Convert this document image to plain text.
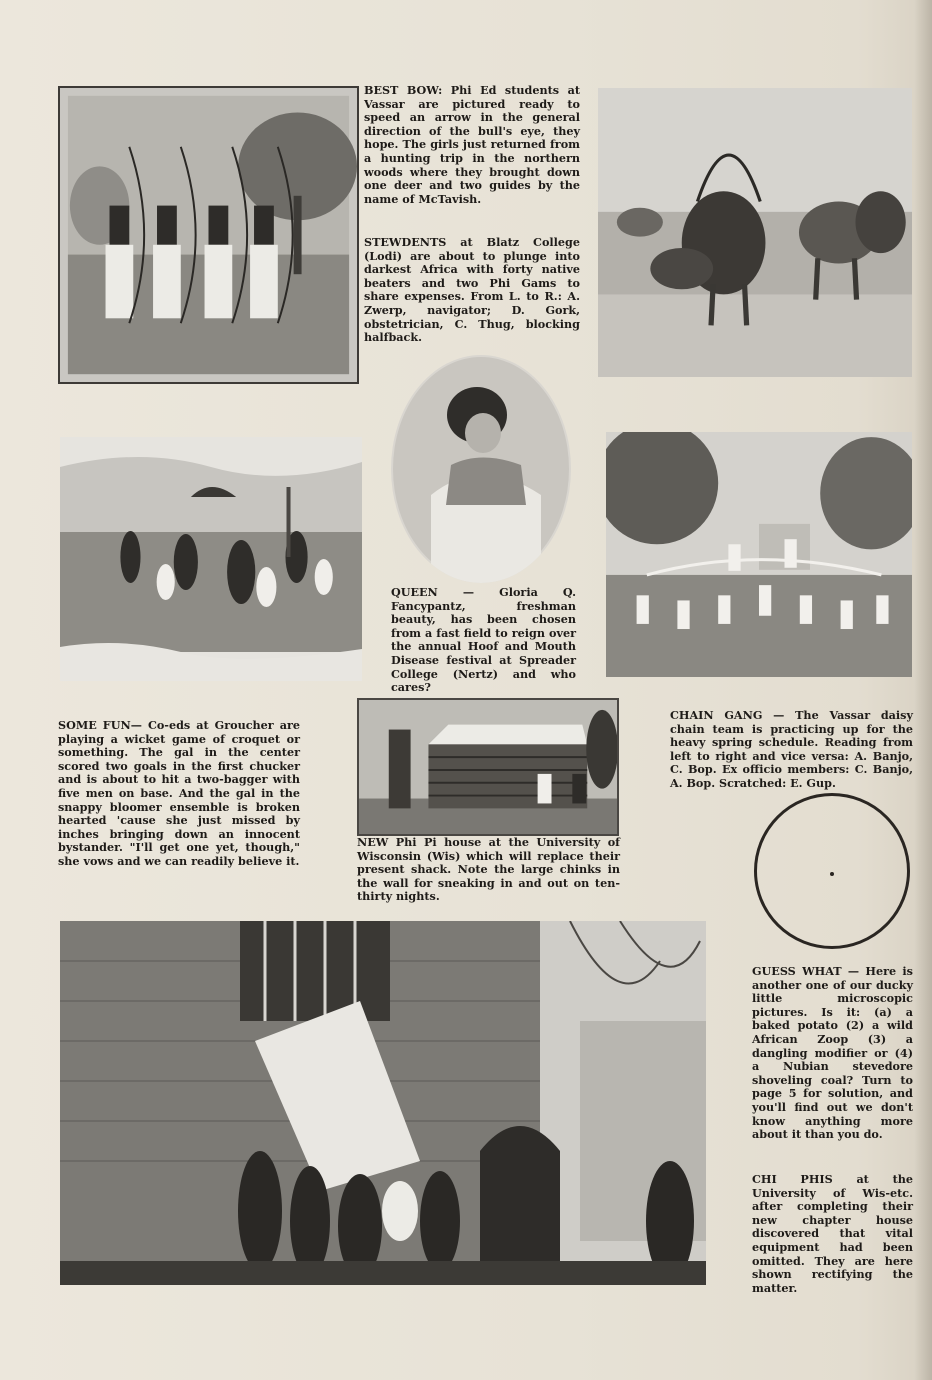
BEST BOW: Phi Ed students at Vassar are pictured ready to speed an arrow in the general direction of the bull's eye, they hope. The girls just returned from a hunting trip in the northern woods where they brought down one deer and two guides by the name of McTavish.

STEWDENTS at Blatz College (Lodi) are about to plunge into darkest Africa with forty native beaters and two Phi Gams to share expenses. From L. to R.: A. Zwerp, navigator; D. Gork, obstetrician, C. Thug, blocking halfback.

QUEEN — Gloria Q. Fancypantz, freshman beauty, has been chosen from a fast field to reign over the annual Hoof and Mouth Disease festival at Spreader College (Nertz) and who cares?

SOME FUN— Co-eds at Groucher are playing a wicket game of croquet or something. The gal in the center scored two goals in the first chucker and is about to hit a two-bagger with five men on base. And the gal in the snappy bloomer ensemble is broken hearted 'cause she just missed by inches bringing down an innocent bystander. "I'll get one yet, though," she vows and we can readily believe it.

NEW Phi Pi house at the University of Wisconsin (Wis) which will replace their present shack. Note the large chinks in the wall for sneaking in and out on ten-thirty nights.

CHAIN GANG — The Vassar daisy chain team is practicing up for the heavy spring schedule. Reading from left to right and vice versa: A. Banjo, C. Bop. Ex officio members: C. Banjo, A. Bop. Scratched: E. Gup.

GUESS WHAT — Here is another one of our ducky little microscopic pictures. Is it: (a) a baked potato (2) a wild African Zoop (3) a dangling modifier or (4) a Nubian stevedore shoveling coal? Turn to page 5 for solution, and you'll find out we don't know anything more about it than you do.

CHI PHIS at the University of Wis-etc. after completing their new chapter house discovered that vital equipment had been omitted. They are here shown rectifying the matter.
